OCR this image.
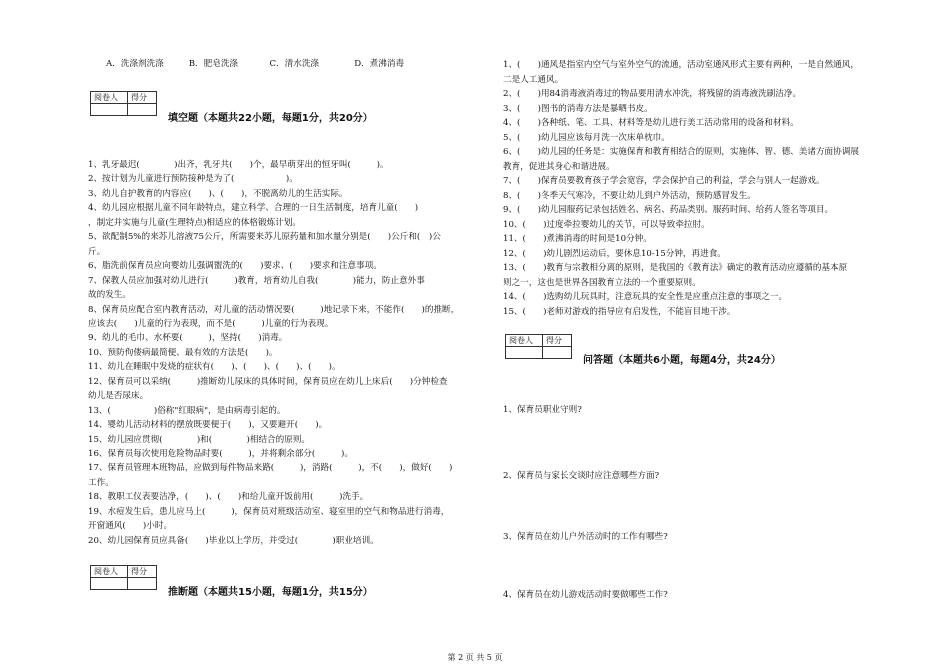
A．洗涤剂洗涤	B．肥皂洗涤	C．清水洗涤	D．煮沸消毒
阅卷人	得分

填空题（本题共22小题，每题1分，共20分）
1、乳牙最迟(　　　　)出齐，乳牙共(　　)个，最早萌芽出的恒牙叫(　　　)。
2、按计划为儿童进行预防接种是为了(　　　　　　)。
3、幼儿自护教育的内容应(　　)、(　　)，不脱离幼儿的生活实际。
4、幼儿园应根据儿童不同年龄特点，建立科学、合理的一日生活制度，培育儿童(　　)
，制定并实施与儿童(生理特点)相适应的体格锻炼计划。
5、欲配制5%的来苏儿溶液75公斤，所需要来苏儿原药量和加水量分别是(　　)公斤和(　)公
斤。
6、脂洗前保育员应向婴幼儿强调盥洗的(　　)要求、(　　)要求和注意事项。
7、保教人员应加强对幼儿进行(　　　)教育，培育幼儿自我(　　　　)能力，防止意外事
故的发生。
8、保育员应配合室内教育活动，对儿童的活动情况要(　　　)地记录下来，不能作(　　)的推断，
应该去(　　)儿童的行为表现，而不是(　　　)儿童的行为表现。
9、幼儿的毛巾、水杯要(　　　)，坚持(　　)消毒。
10、预防佝偻病最简便、最有效的方法是(　　)。
11、幼儿在睡眠中发烧的症状有(　　)、(　　)、(　　)、(　　)。
12、保育员可以采纳(　　　)推断幼儿尿床的具体时间，保育员应在幼儿上床后(　　)分钟检查
幼儿是否尿床。
13、(　　　　　)俗称"红眼病"，是由病毒引起的。
14、婴幼儿活动材料的摆放既要便于(　　)，又要避开(　　)。
15、幼儿园应贯彻(　　　　)和(　　　　)相结合的原则。
16、保育员每次使用危险物品时要(　　　)，并将剩余部分(　　　)。
17、保育员管理本班物品，应做到每件物品来路(　　　)，消路(　　　)，不(　　)，做好(　　)
工作。
18、教职工仪表要洁净，(　　)、(　　)和给儿童开饭前用(　　　)洗手。
19、水痘发生后，患儿应马上(　　　)，保育员对班级活动室、寝室里的空气和物品进行消毒，
开窗通风(　　)小时。
20、幼儿园保育员应具备(　　)毕业以上学历，并受过(　　　　)职业培训。
阅卷人	得分

推断题（本题共15小题，每题1分，共15分）
1、(　　)通风是指室内空气与室外空气的流通，活动室通风形式主要有两种，一是自然通风，
二是人工通风。
2、(　　)用84消毒液消毒过的物品要用清水冲洗，将残留的消毒液洗刷洁净。
3、(　　)图书的消毒方法是暴晒书皮。
4、(　　)各种纸、笔、工具、材料等是幼儿进行美工活动常用的设备和材料。
5、(　　)幼儿园应该每月洗一次床单枕巾。
6、(　　)幼儿园的任务是：实施保育和教育相结合的原则，实施体、智、德、美诸方面协调展
教育，促进其身心和谐进展。
7、(　　)保育员要教育孩子学会宽容，学会保护自己的利益，学会与别人一起游戏。
8、(　　)冬季天气寒冷，不要让幼儿到户外活动，预防感冒发生。
9、(　　)幼儿园服药记录包括姓名、病名、药品类别、服药时间、给药人签名等项目。
10、(　　)过度牵拉婴幼儿的关节，可以导致牵拉肘。
11、(　　)煮沸消毒的时间是10分钟。
12、(　　)幼儿剧烈运动后，要休息10-15分钟，再进食。
13、(　　)教育与宗教相分离的原则，是我国的《教育法》确定的教育活动应遵循的基本原
则之一，这也是世界各国教育立法的一个重要原则。
14、(　　)选购幼儿玩具时，注意玩具的安全性是应重点注意的事项之一。
15、(　　)老师对游戏的指导应有启发性，不能盲目地干涉。
阅卷人	得分

问答题（本题共6小题，每题4分，共24分）
1、保育员职业守则?
2、保育员与家长交谈时应注意哪些方面?
3、保育员在幼儿户外活动时的工作有哪些?
4、保育员在幼儿游戏活动时要做哪些工作?
第 2 页 共 5 页
